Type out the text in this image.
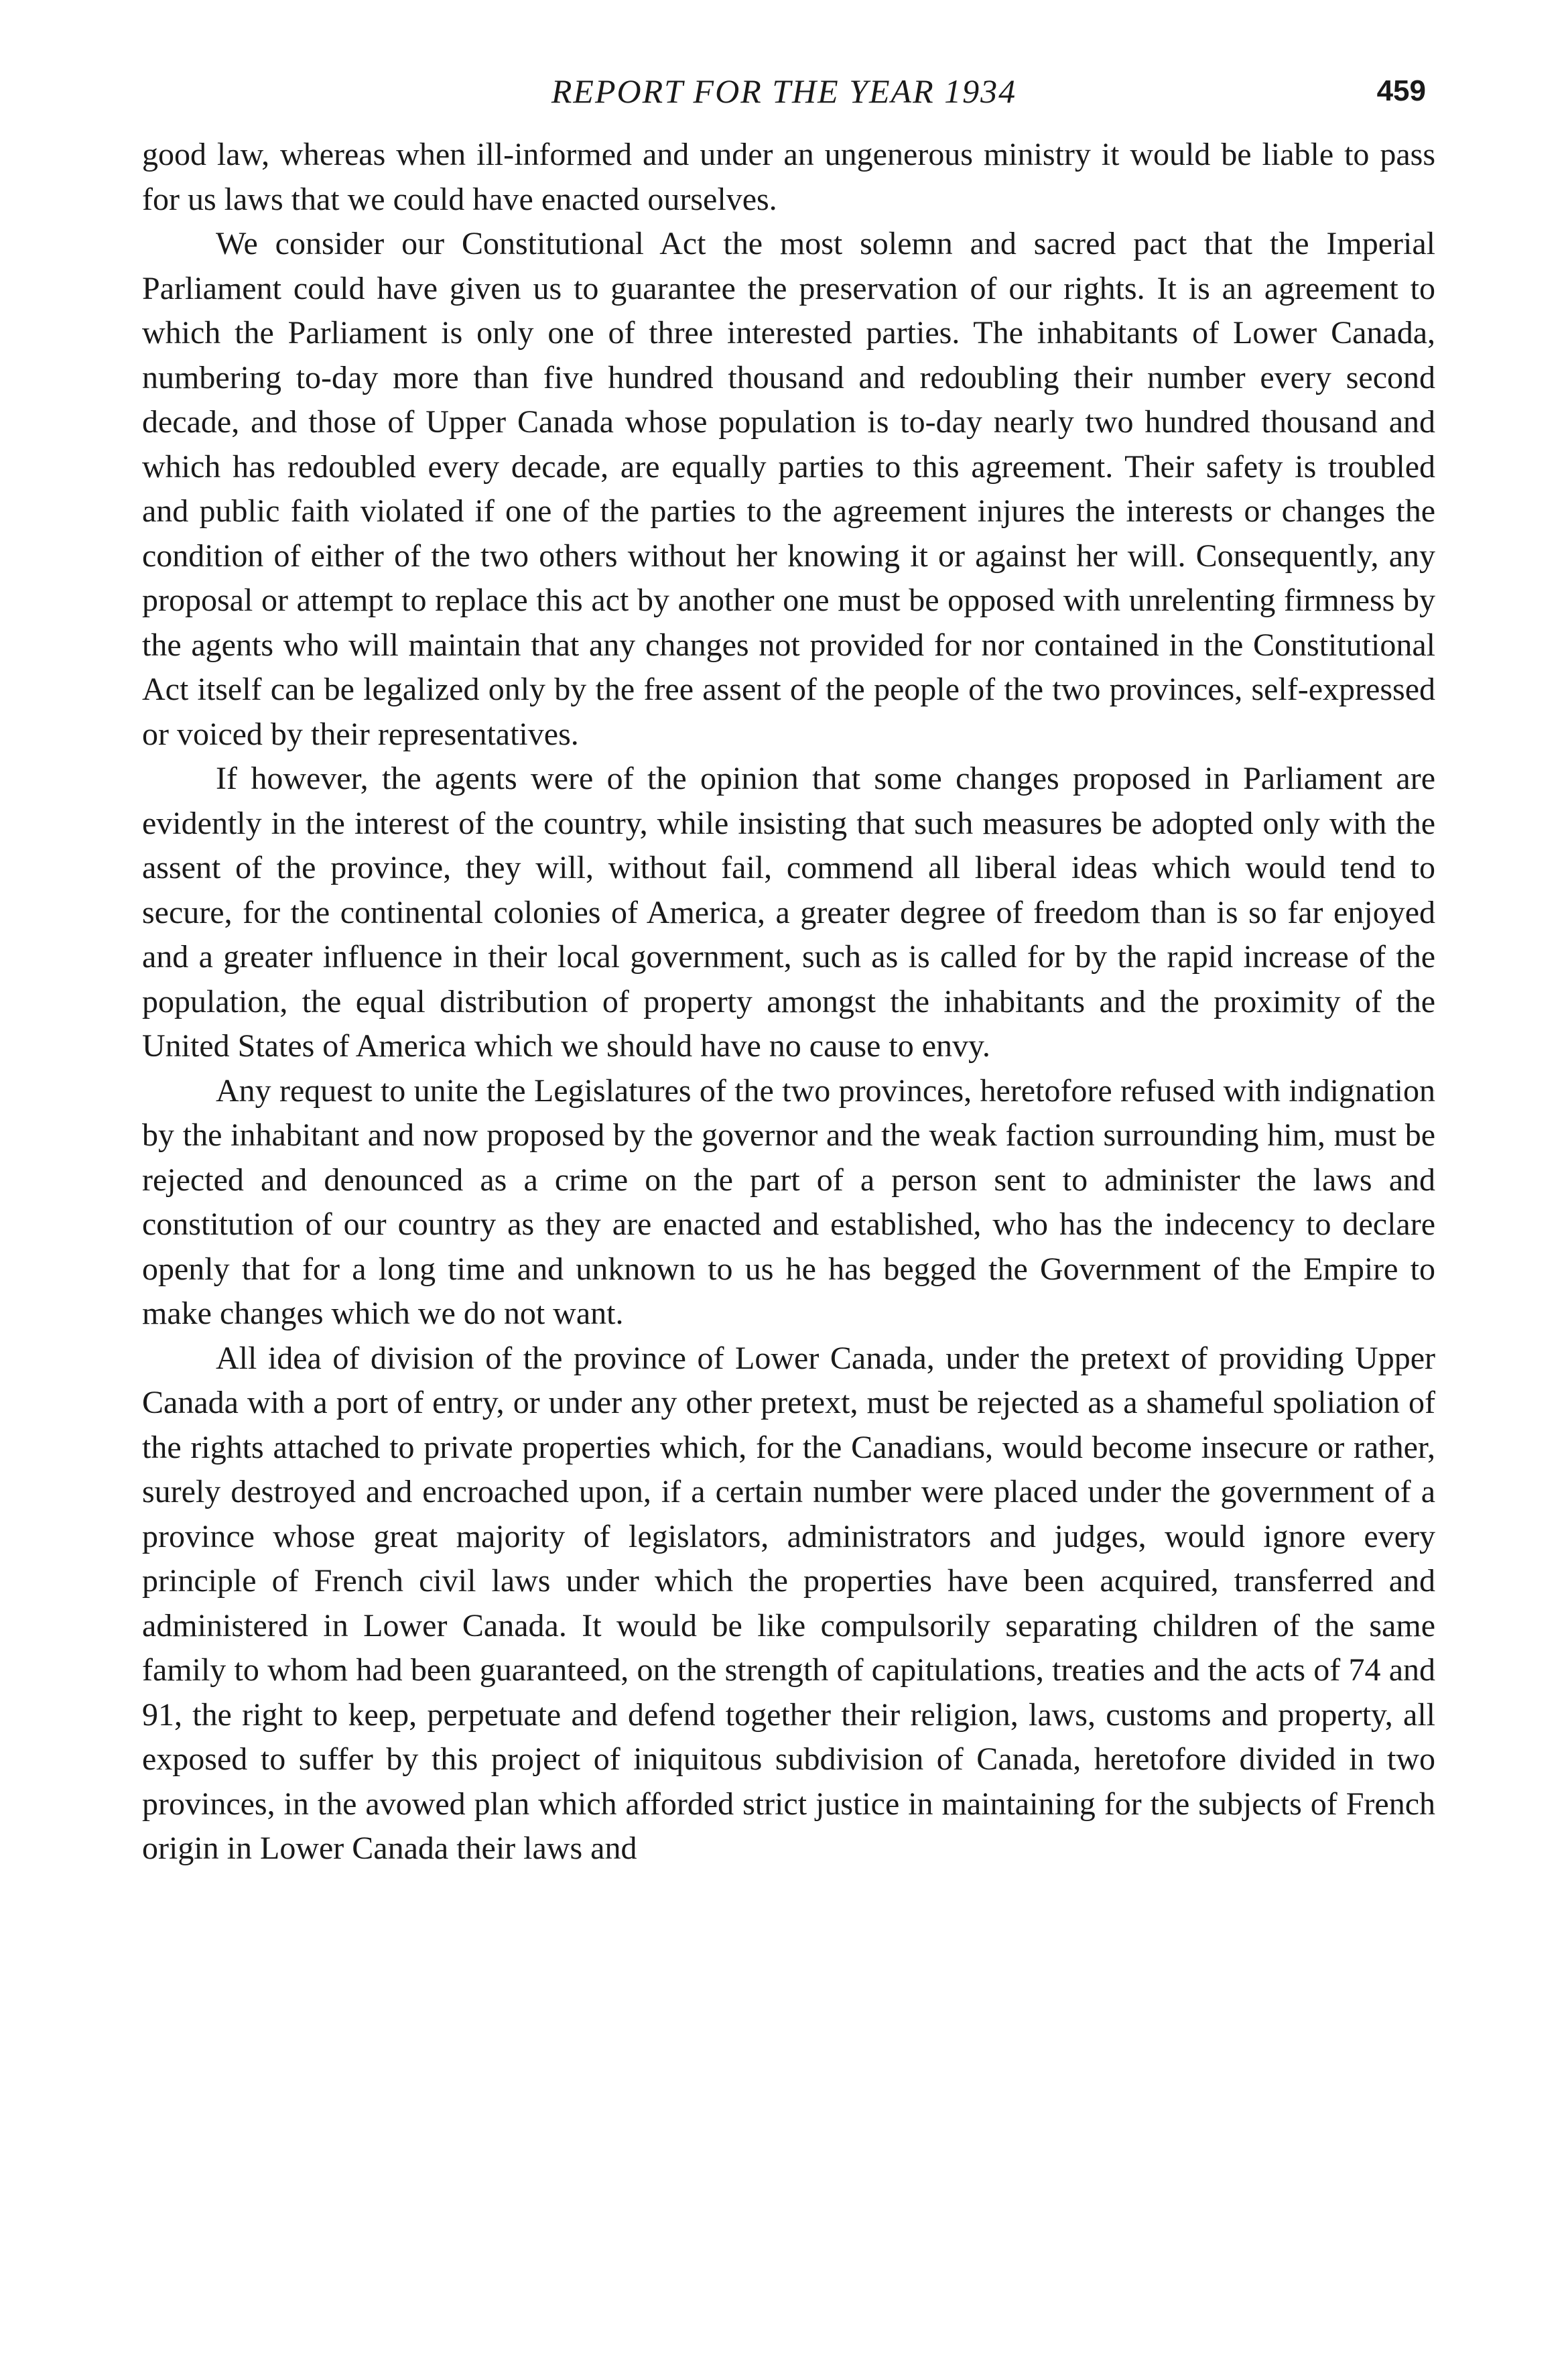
REPORT FOR THE YEAR 1934	459

good law, whereas when ill-informed and under an ungenerous ministry it would be liable to pass for us laws that we could have enacted ourselves.

We consider our Constitutional Act the most solemn and sacred pact that the Imperial Parliament could have given us to guarantee the preservation of our rights. It is an agreement to which the Parliament is only one of three interested parties. The inhabitants of Lower Canada, numbering to-day more than five hundred thousand and redoubling their number every second decade, and those of Upper Canada whose population is to-day nearly two hundred thousand and which has redoubled every decade, are equally parties to this agreement. Their safety is troubled and public faith violated if one of the parties to the agreement injures the interests or changes the condition of either of the two others without her knowing it or against her will. Consequently, any proposal or attempt to replace this act by another one must be opposed with unrelenting firmness by the agents who will maintain that any changes not provided for nor contained in the Constitutional Act itself can be legalized only by the free assent of the people of the two provinces, self-expressed or voiced by their representatives.

If however, the agents were of the opinion that some changes proposed in Parliament are evidently in the interest of the country, while insisting that such measures be adopted only with the assent of the province, they will, without fail, commend all liberal ideas which would tend to secure, for the continental colonies of America, a greater degree of freedom than is so far enjoyed and a greater influence in their local government, such as is called for by the rapid increase of the population, the equal distribution of property amongst the inhabitants and the proximity of the United States of America which we should have no cause to envy.

Any request to unite the Legislatures of the two provinces, heretofore refused with indignation by the inhabitant and now proposed by the governor and the weak faction surrounding him, must be rejected and denounced as a crime on the part of a person sent to administer the laws and constitution of our country as they are enacted and established, who has the indecency to declare openly that for a long time and unknown to us he has begged the Government of the Empire to make changes which we do not want.

All idea of division of the province of Lower Canada, under the pretext of providing Upper Canada with a port of entry, or under any other pretext, must be rejected as a shameful spoliation of the rights attached to private properties which, for the Canadians, would become insecure or rather, surely destroyed and encroached upon, if a certain number were placed under the government of a province whose great majority of legislators, administrators and judges, would ignore every principle of French civil laws under which the properties have been acquired, transferred and administered in Lower Canada. It would be like compulsorily separating children of the same family to whom had been guaranteed, on the strength of capitulations, treaties and the acts of 74 and 91, the right to keep, perpetuate and defend together their religion, laws, customs and property, all exposed to suffer by this project of iniquitous subdivision of Canada, heretofore divided in two provinces, in the avowed plan which afforded strict justice in maintaining for the subjects of French origin in Lower Canada their laws and
